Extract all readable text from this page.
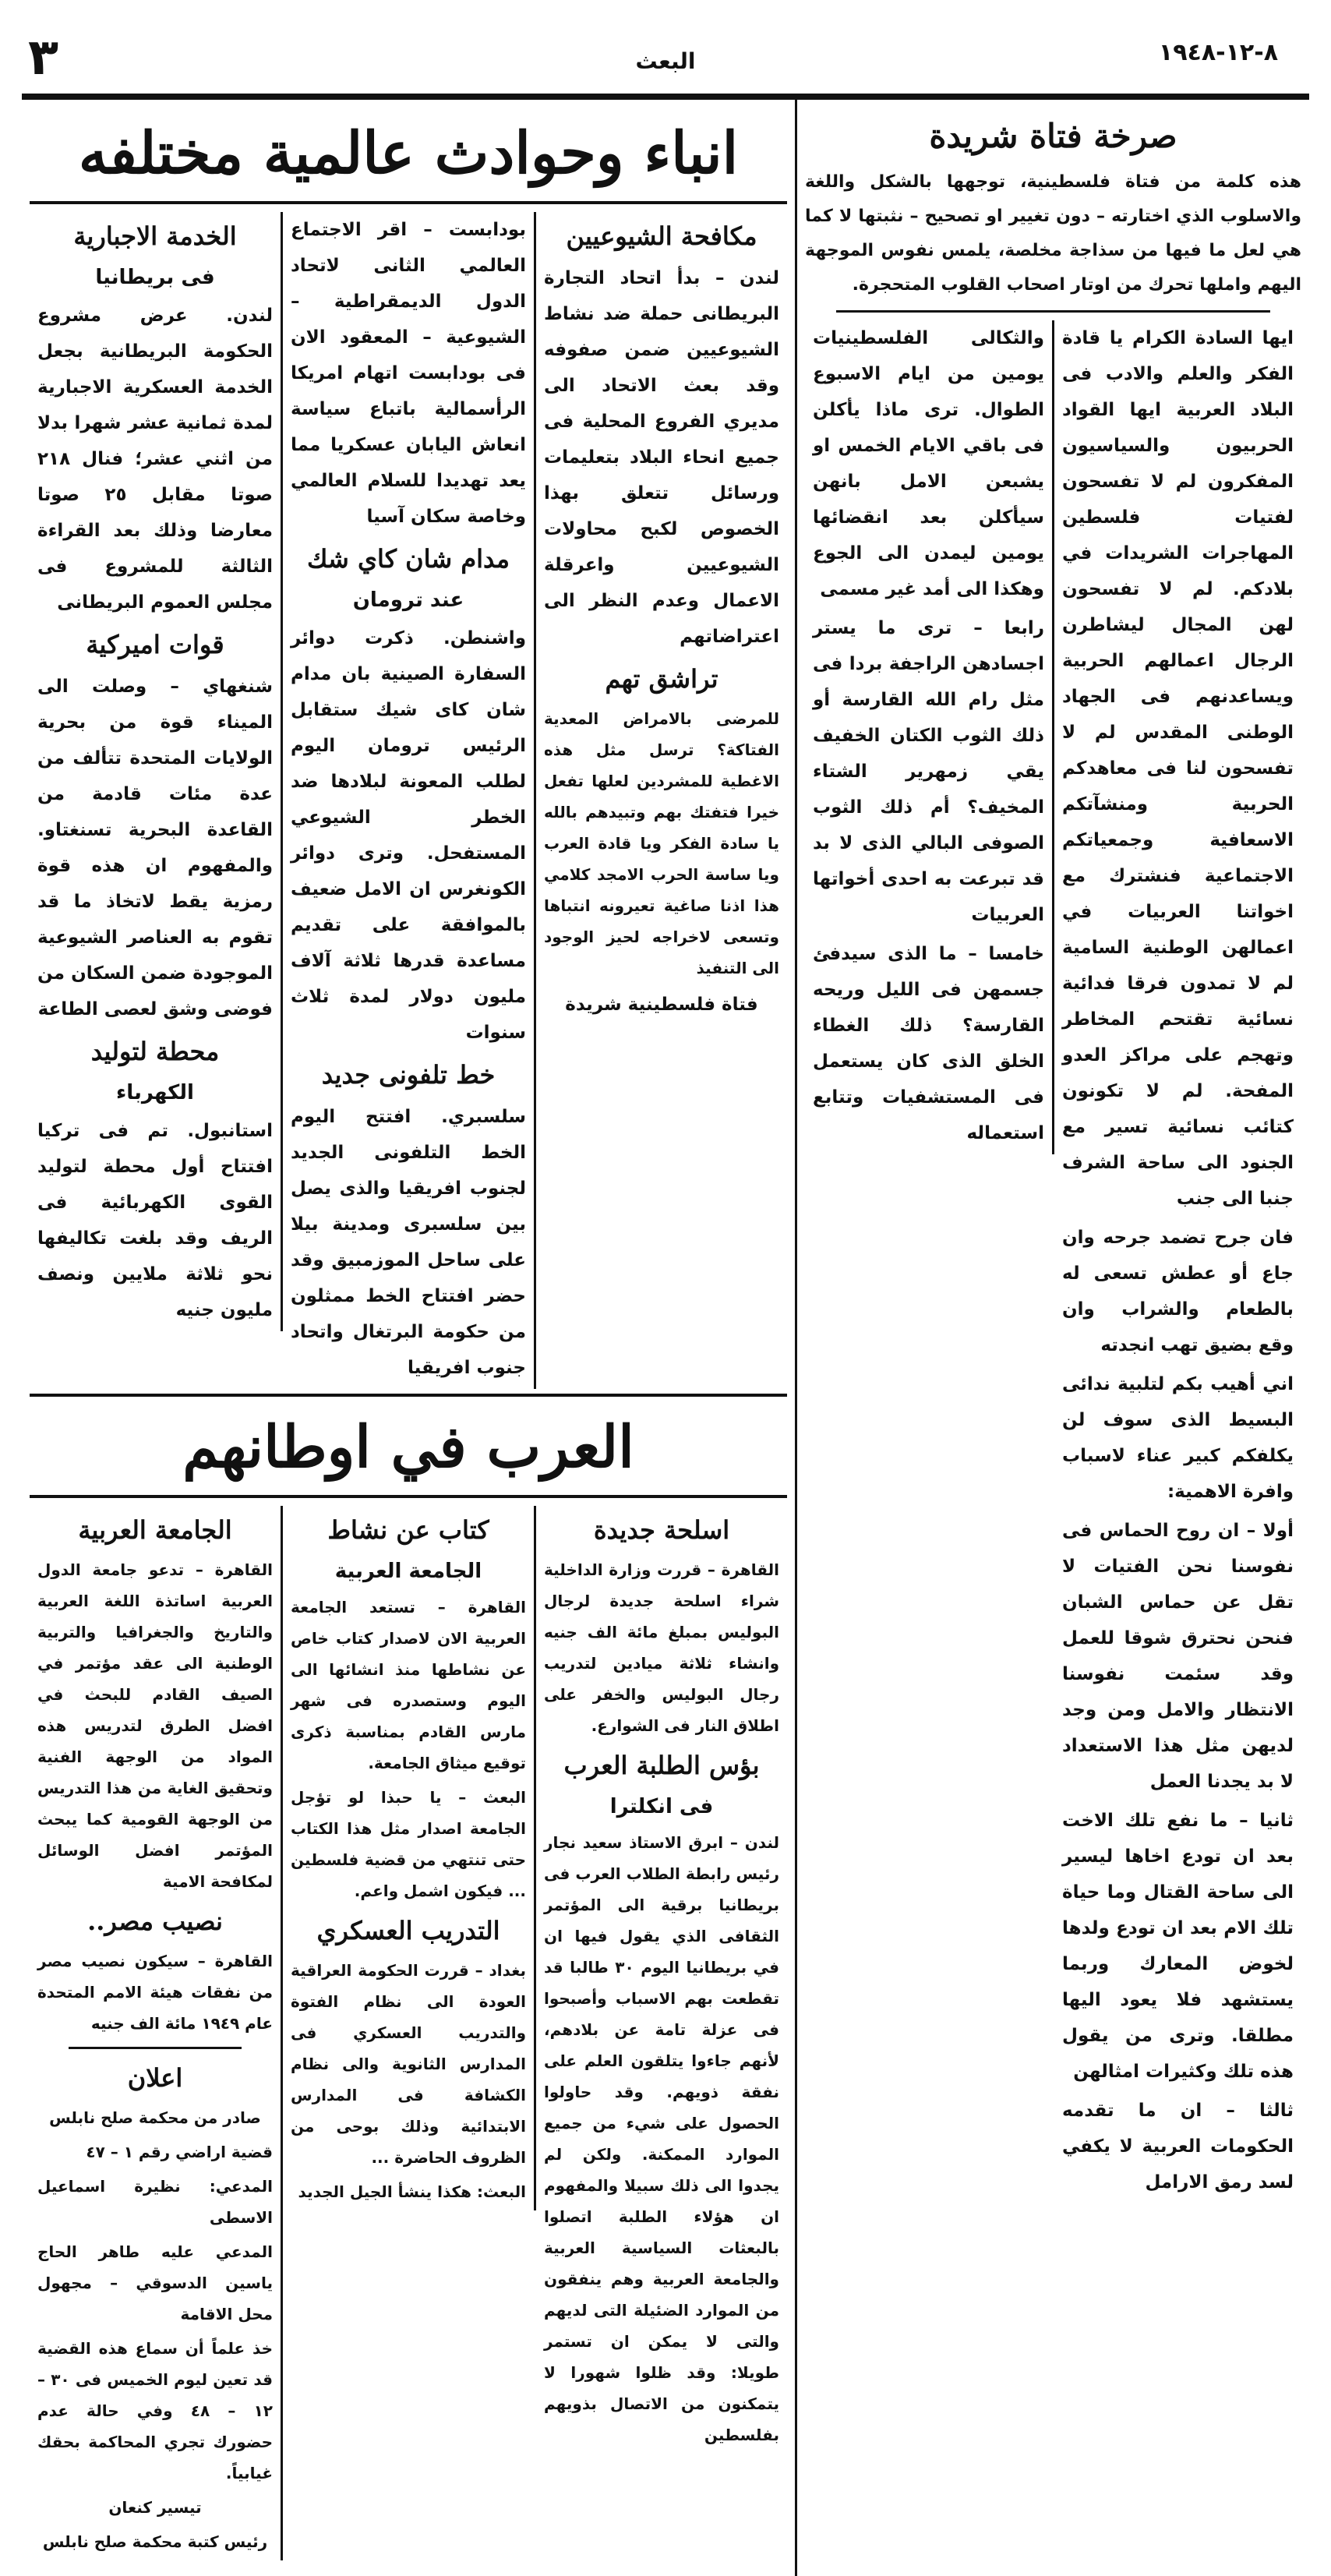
٨-١٢-١٩٤٨
البعث
٣
صرخة فتاة شريدة

هذه كلمة من فتاة فلسطينية، توجهها بالشكل واللغة والاسلوب الذي اختارته – دون تغيير او تصحيح – نثبتها لا كما هي لعل ما فيها من سذاجة مخلصة، يلمس نفوس الموجهة اليهم واملها تحرك من اوتار اصحاب القلوب المتحجرة.

ايها السادة الكرام يا قادة الفكر والعلم والادب فى البلاد العربية ايها القواد الحربيون والسياسيون المفكرون لم لا تفسحون لفتيات فلسطين المهاجرات الشريدات في بلادكم. لم لا تفسحون لهن المجال ليشاطرن الرجال اعمالهم الحربية ويساعدنهم فى الجهاد الوطنى المقدس لم لا تفسحون لنا فى معاهدكم الحربية ومنشآتكم الاسعافية وجمعياتكم الاجتماعية فنشترك مع اخواتنا العربيات في اعمالهن الوطنية السامية لم لا تمدون فرقا فدائية نسائية تقتحم المخاطر وتهجم على مراكز العدو المفحة. لم لا تكونون كتائب نسائية تسير مع الجنود الى ساحة الشرف جنبا الى جنب

فان جرح تضمد جرحه وان جاع أو عطش تسعى له بالطعام والشراب وان وقع بضيق تهب انجدته

اني أهيب بكم لتلبية ندائى البسيط الذى سوف لن يكلفكم كبير عناء لاسباب وافرة الاهمية:

أولا – ان روح الحماس فى نفوسنا نحن الفتيات لا تقل عن حماس الشبان فنحن نحترق شوقا للعمل وقد سئمت نفوسنا الانتظار والامل ومن وجد لديهن مثل هذا الاستعداد لا بد يجدنا العمل

ثانيا – ما نفع تلك الاخت بعد ان تودع اخاها ليسير الى ساحة القتال وما حياة تلك الام بعد ان تودع ولدها لخوض المعارك وربما يستشهد فلا يعود اليها مطلقا. وترى من يقول هذه تلك وكثيرات امثالهن

ثالثا – ان ما تقدمه الحكومات العربية لا يكفي لسد رمق الارامل

والثكالى الفلسطينيات يومين من ايام الاسبوع الطوال. ترى ماذا يأكلن فى باقي الايام الخمس او يشبعن الامل بانهن سيأكلن بعد انقضائها يومين ليمدن الى الجوع وهكذا الى أمد غير مسمى

رابعا – ترى ما يستر اجسادهن الراجفة بردا فى مثل رام الله القارسة أو ذلك الثوب الكتان الخفيف يقي زمهرير الشتاء المخيف؟ أم ذلك الثوب الصوفى البالي الذى لا بد قد تبرعت به احدى أخواتها العربيات

خامسا – ما الذى سيدفئ جسمهن فى الليل وريحه القارسة؟ ذلك الغطاء الخلق الذى كان يستعمل فى المستشفيات وتتابع استعماله

انباء وحوادث عالمية مختلفه
مكافحة الشيوعيين

لندن – بدأ اتحاد التجارة البريطانى حملة ضد نشاط الشيوعيين ضمن صفوفه وقد بعث الاتحاد الى مديري الفروع المحلية فى جميع انحاء البلاد بتعليمات ورسائل تتعلق بهذا الخصوص لكبح محاولات الشيوعيين واعرقلة الاعمال وعدم النظر الى اعتراضاتهم

تراشق تهم

للمرضى بالامراض المعدية الفتاكة؟ ترسل مثل هذه الاغطية للمشردين لعلها تفعل خيرا فتفتك بهم وتبيدهم بالله يا سادة الفكر ويا قادة العرب ويا ساسة الحرب الامجد كلامي هذا اذنا صاغية تعيرونه انتباها وتسعى لاخراجه لحيز الوجود الى التنفيذ

فتاة فلسطينية شريدة

بودابست – اقر الاجتماع العالمي الثانى لاتحاد الدول الديمقراطية – الشيوعية – المعقود الان فى بودابست اتهام امريكا الرأسمالية باتباع سياسة انعاش اليابان عسكريا مما يعد تهديدا للسلام العالمي وخاصة سكان آسيا

مدام شان كاي شك

عند ترومان

واشنطن. ذكرت دوائر السفارة الصينية بان مدام شان كاى شيك ستقابل الرئيس ترومان اليوم لطلب المعونة لبلادها ضد الخطر الشيوعي المستفحل. وترى دوائر الكونغرس ان الامل ضعيف بالموافقة على تقديم مساعدة قدرها ثلاثة آلاف مليون دولار لمدة ثلاث سنوات

خط تلفونى جديد

سلسبري. افتتح اليوم الخط التلفونى الجديد لجنوب افريقيا والذى يصل بين سلسبرى ومدينة بيلا على ساحل الموزمبيق وقد حضر افتتاح الخط ممثلون من حكومة البرتغال واتحاد جنوب افريقيا

الخدمة الاجبارية

فى بريطانيا

لندن. عرض مشروع الحكومة البريطانية بجعل الخدمة العسكرية الاجبارية لمدة ثمانية عشر شهرا بدلا من اثني عشر؛ فنال ٢١٨ صوتا مقابل ٢٥ صوتا معارضا وذلك بعد القراءة الثالثة للمشروع فى مجلس العموم البريطانى

قوات اميركية

شنغهاي – وصلت الى الميناء قوة من بحرية الولايات المتحدة تتألف من عدة مئات قادمة من القاعدة البحرية تسنغتاو. والمفهوم ان هذه قوة رمزية يقط لاتخاذ ما قد تقوم به العناصر الشيوعية الموجودة ضمن السكان من فوضى وشق لعصى الطاعة

محطة لتوليد

الكهرباء

استانبول. تم فى تركيا افتتاح أول محطة لتوليد القوى الكهربائية فى الريف وقد بلغت تكاليفها نحو ثلاثة ملايين ونصف مليون جنيه

العرب في اوطانهم
اسلحة جديدة

القاهرة – قررت وزارة الداخلية شراء اسلحة جديدة لرجال البوليس بمبلغ مائة الف جنيه وانشاء ثلاثة ميادين لتدريب رجال البوليس والخفر على اطلاق النار فى الشوارع.

بؤس الطلبة العرب

فى انكلترا

لندن – ابرق الاستاذ سعيد نجار رئيس رابطة الطلاب العرب فى بريطانيا برقية الى المؤتمر الثقافى الذي يقول فيها ان في بريطانيا اليوم ٣٠ طالبا قد تقطعت بهم الاسباب وأصبحوا فى عزلة تامة عن بلادهم، لأنهم جاءوا يتلقون العلم على نفقة ذويهم. وقد حاولوا الحصول على شيء من جميع الموارد الممكنة. ولكن لم يجدوا الى ذلك سبيلا والمفهوم ان هؤلاء الطلبة اتصلوا بالبعثات السياسية العربية والجامعة العربية وهم ينفقون من الموارد الضئيلة التى لديهم والتى لا يمكن ان تستمر طويلا: وقد ظلوا شهورا لا يتمكنون من الاتصال بذويهم بفلسطين

كتاب عن نشاط

الجامعة العربية

القاهرة – تستعد الجامعة العربية الان لاصدار كتاب خاص عن نشاطها منذ انشائها الى اليوم وستصدره فى شهر مارس القادم بمناسبة ذكرى توقيع ميثاق الجامعة.

البعث – يا حبذا لو تؤجل الجامعة اصدار مثل هذا الكتاب حتى تنتهي من قضية فلسطين ... فيكون اشمل واعم.

التدريب العسكري

بغداد – قررت الحكومة العراقية العودة الى نظام الفتوة والتدريب العسكري فى المدارس الثانوية والى نظام الكشافة فى المدارس الابتدائية وذلك بوحى من الظروف الحاضرة ...

البعث: هكذا ينشأ الجيل الجديد

الجامعة العربية

القاهرة – تدعو جامعة الدول العربية اساتذة اللغة العربية والتاريخ والجغرافيا والتربية الوطنية الى عقد مؤتمر في الصيف القادم للبحث في افضل الطرق لتدريس هذه المواد من الوجهة الفنية وتحقيق الغاية من هذا التدريس من الوجهة القومية كما يبحث المؤتمر افضل الوسائل لمكافحة الامية

نصيب مصر..

القاهرة – سيكون نصيب مصر من نفقات هيئة الامم المتحدة عام ١٩٤٩ مائة الف جنيه

اعلان

صادر من محكمة صلح نابلس

قضية اراضي رقم ١ – ٤٧

المدعي: نظيرة اسماعيل الاسطى

المدعي عليه طاهر الحاج ياسين الدسوقي – مجهول محل الاقامة

خذ علماً أن سماع هذه القضية قد تعين ليوم الخميس فى ٣٠ – ١٢ – ٤٨ وفي حالة عدم حضورك تجري المحاكمة بحقك غيابياً.

تيسير كنعان

رئيس كتبة محكمة صلح نابلس
